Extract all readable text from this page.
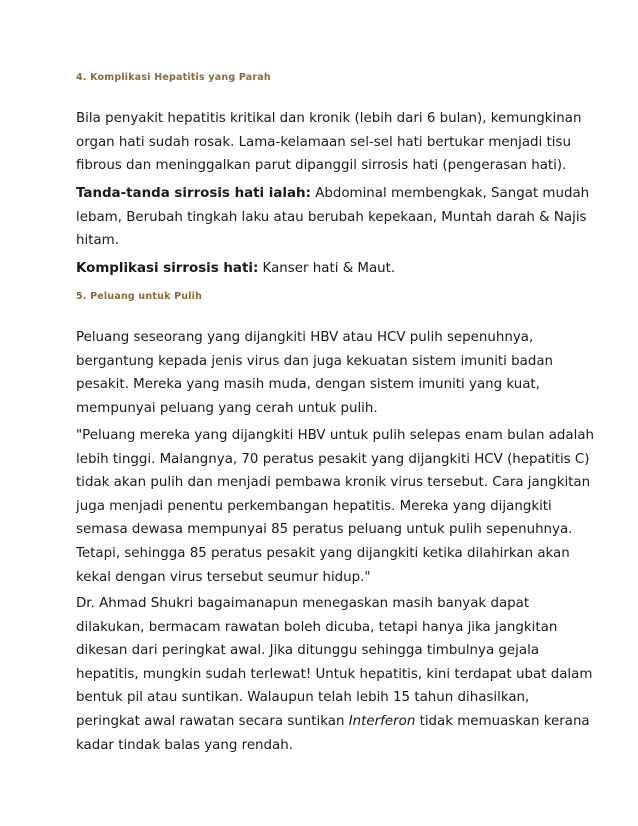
4. Komplikasi Hepatitis yang Parah

Bila penyakit hepatitis kritikal dan kronik (lebih dari 6 bulan), kemungkinan
organ hati sudah rosak. Lama-kelamaan sel-sel hati bertukar menjadi tisu
fibrous dan meninggalkan parut dipanggil sirrosis hati (pengerasan hati).

Tanda-tanda sirrosis hati ialah: Abdominal membengkak, Sangat mudah
lebam, Berubah tingkah laku atau berubah kepekaan, Muntah darah & Najis
hitam.

Komplikasi sirrosis hati: Kanser hati & Maut.

5. Peluang untuk Pulih

Peluang seseorang yang dijangkiti HBV atau HCV pulih sepenuhnya,
bergantung kepada jenis virus dan juga kekuatan sistem imuniti badan
pesakit. Mereka yang masih muda, dengan sistem imuniti yang kuat,
mempunyai peluang yang cerah untuk pulih.

"Peluang mereka yang dijangkiti HBV untuk pulih selepas enam bulan adalah
lebih tinggi. Malangnya, 70 peratus pesakit yang dijangkiti HCV (hepatitis C)
tidak akan pulih dan menjadi pembawa kronik virus tersebut. Cara jangkitan
juga menjadi penentu perkembangan hepatitis. Mereka yang dijangkiti
semasa dewasa mempunyai 85 peratus peluang untuk pulih sepenuhnya.
Tetapi, sehingga 85 peratus pesakit yang dijangkiti ketika dilahirkan akan
kekal dengan virus tersebut seumur hidup."

Dr. Ahmad Shukri bagaimanapun menegaskan masih banyak dapat
dilakukan, bermacam rawatan boleh dicuba, tetapi hanya jika jangkitan
dikesan dari peringkat awal. Jika ditunggu sehingga timbulnya gejala
hepatitis, mungkin sudah terlewat! Untuk hepatitis, kini terdapat ubat dalam
bentuk pil atau suntikan. Walaupun telah lebih 15 tahun dihasilkan,
peringkat awal rawatan secara suntikan Interferon tidak memuaskan kerana
kadar tindak balas yang rendah.
